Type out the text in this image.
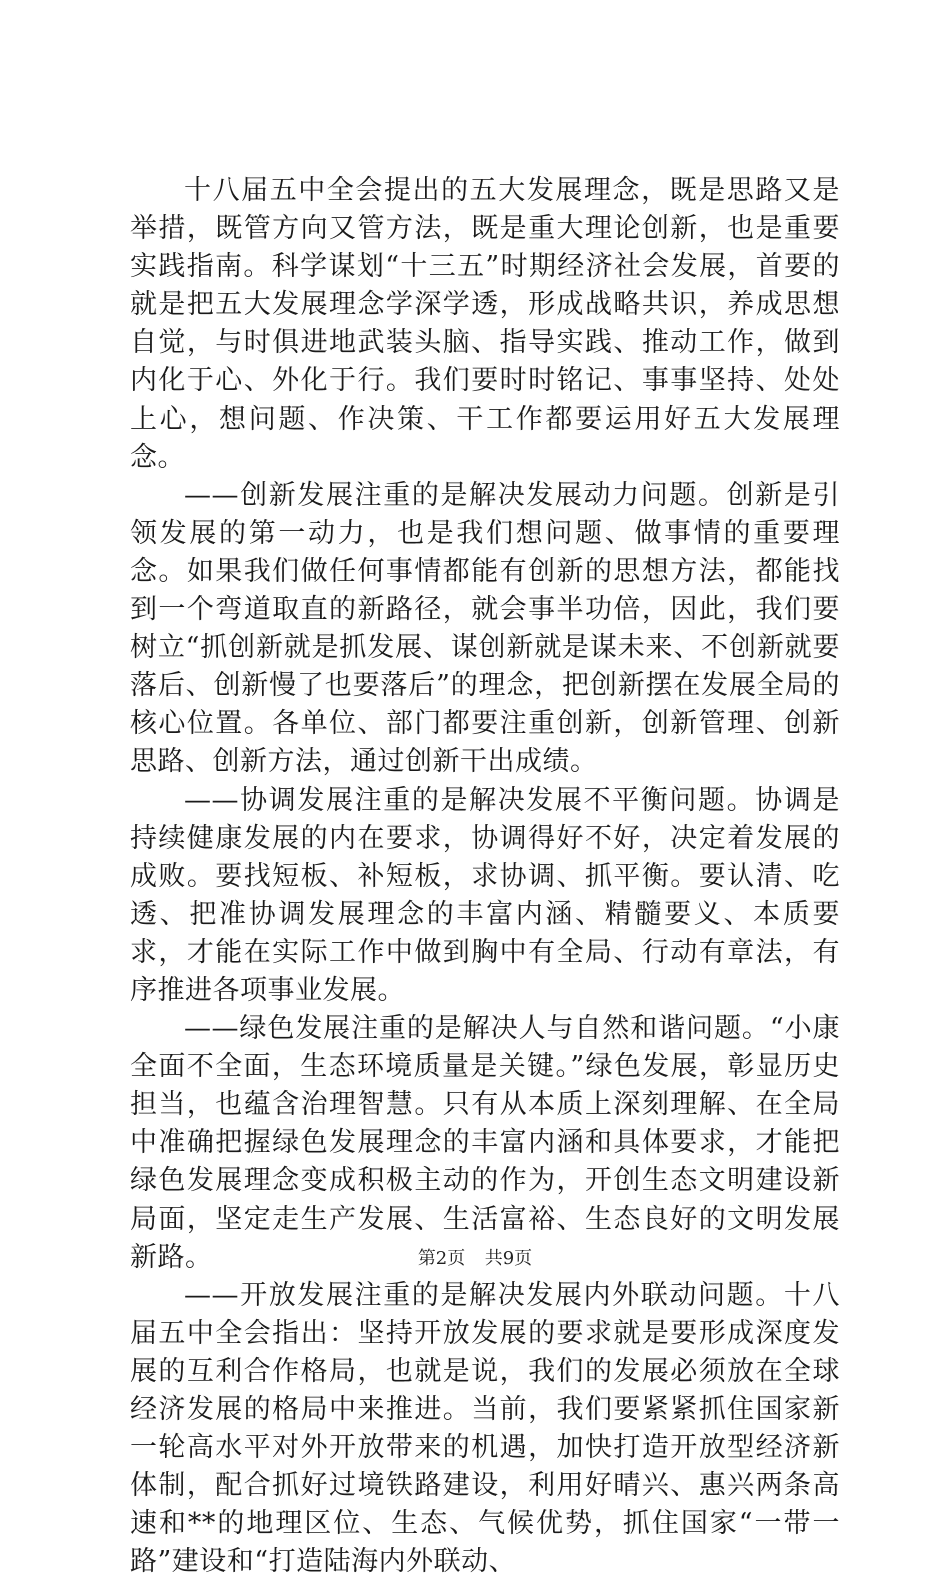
十八届五中全会提出的五大发展理念，既是思路又是举措，既管方向又管方法，既是重大理论创新，也是重要实践指南。科学谋划“十三五”时期经济社会发展，首要的就是把五大发展理念学深学透，形成战略共识，养成思想自觉，与时俱进地武装头脑、指导实践、推动工作，做到内化于心、外化于行。我们要时时铭记、事事坚持、处处上心，想问题、作决策、干工作都要运用好五大发展理念。

——创新发展注重的是解决发展动力问题。创新是引领发展的第一动力，也是我们想问题、做事情的重要理念。如果我们做任何事情都能有创新的思想方法，都能找到一个弯道取直的新路径，就会事半功倍，因此，我们要树立“抓创新就是抓发展、谋创新就是谋未来、不创新就要落后、创新慢了也要落后”的理念，把创新摆在发展全局的核心位置。各单位、部门都要注重创新，创新管理、创新思路、创新方法，通过创新干出成绩。

——协调发展注重的是解决发展不平衡问题。协调是持续健康发展的内在要求，协调得好不好，决定着发展的成败。要找短板、补短板，求协调、抓平衡。要认清、吃透、把准协调发展理念的丰富内涵、精髓要义、本质要求，才能在实际工作中做到胸中有全局、行动有章法，有序推进各项事业发展。

——绿色发展注重的是解决人与自然和谐问题。“小康全面不全面，生态环境质量是关键。”绿色发展，彰显历史担当，也蕴含治理智慧。只有从本质上深刻理解、在全局中准确把握绿色发展理念的丰富内涵和具体要求，才能把绿色发展理念变成积极主动的作为，开创生态文明建设新局面，坚定走生产发展、生活富裕、生态良好的文明发展新路。

——开放发展注重的是解决发展内外联动问题。十八届五中全会指出：坚持开放发展的要求就是要形成深度发展的互利合作格局，也就是说，我们的发展必须放在全球经济发展的格局中来推进。当前，我们要紧紧抓住国家新一轮高水平对外开放带来的机遇，加快打造开放型经济新体制，配合抓好过境铁路建设，利用好晴兴、惠兴两条高速和**的地理区位、生态、气候优势，抓住国家“一带一路”建设和“打造陆海内外联动、

第2页 共9页
